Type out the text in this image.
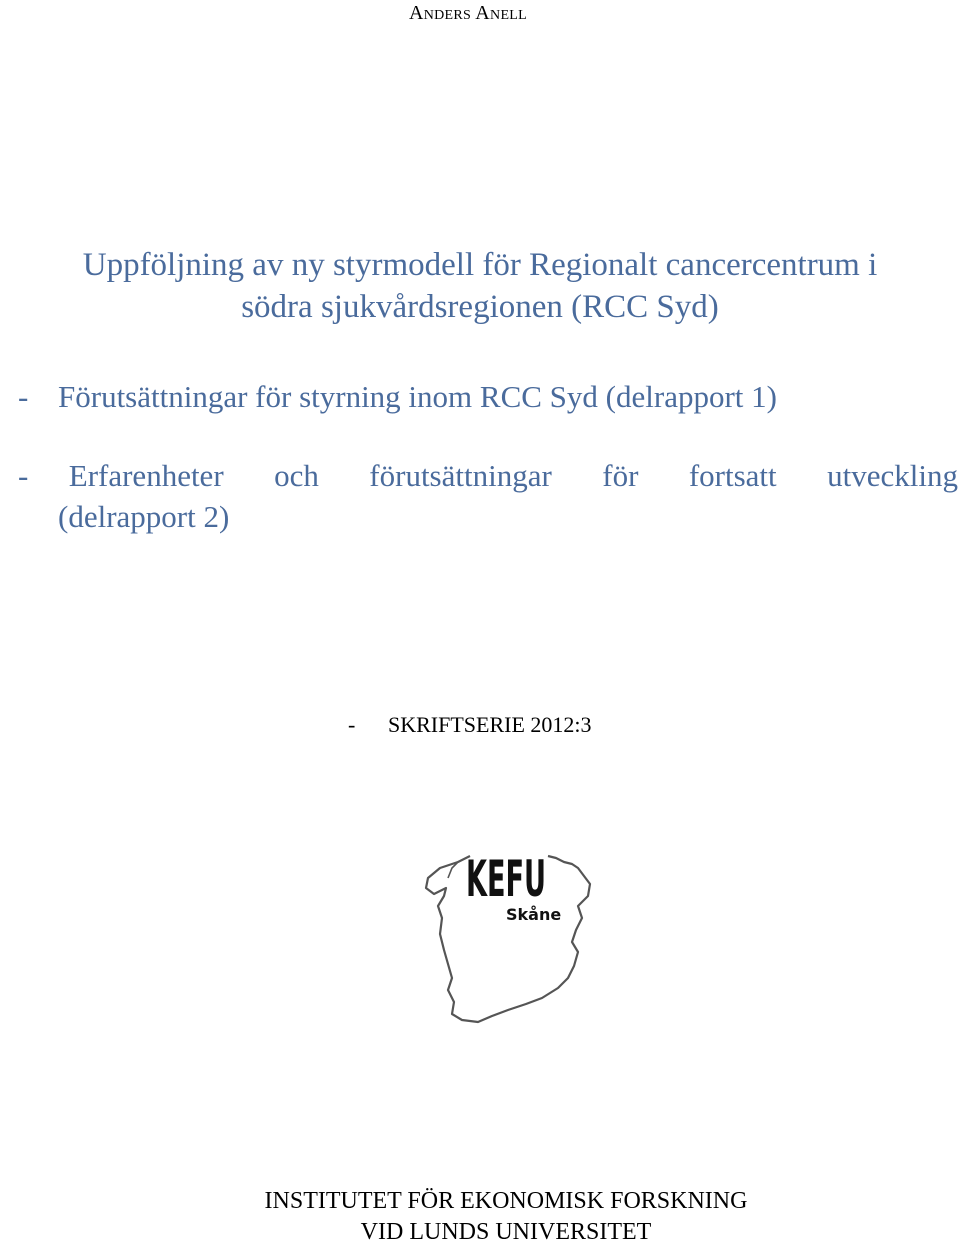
Anders Anell
Uppföljning av ny styrmodell för Regionalt cancercentrum i
södra sjukvårdsregionen (RCC Syd)
- Förutsättningar för styrning inom RCC Syd (delrapport 1)
- Erfarenheter och förutsättningar för fortsatt utveckling
(delrapport 2)
- SKRIFTSERIE 2012:3
KEFU
Skåne
INSTITUTET FÖR EKONOMISK FORSKNING
VID LUNDS UNIVERSITET
